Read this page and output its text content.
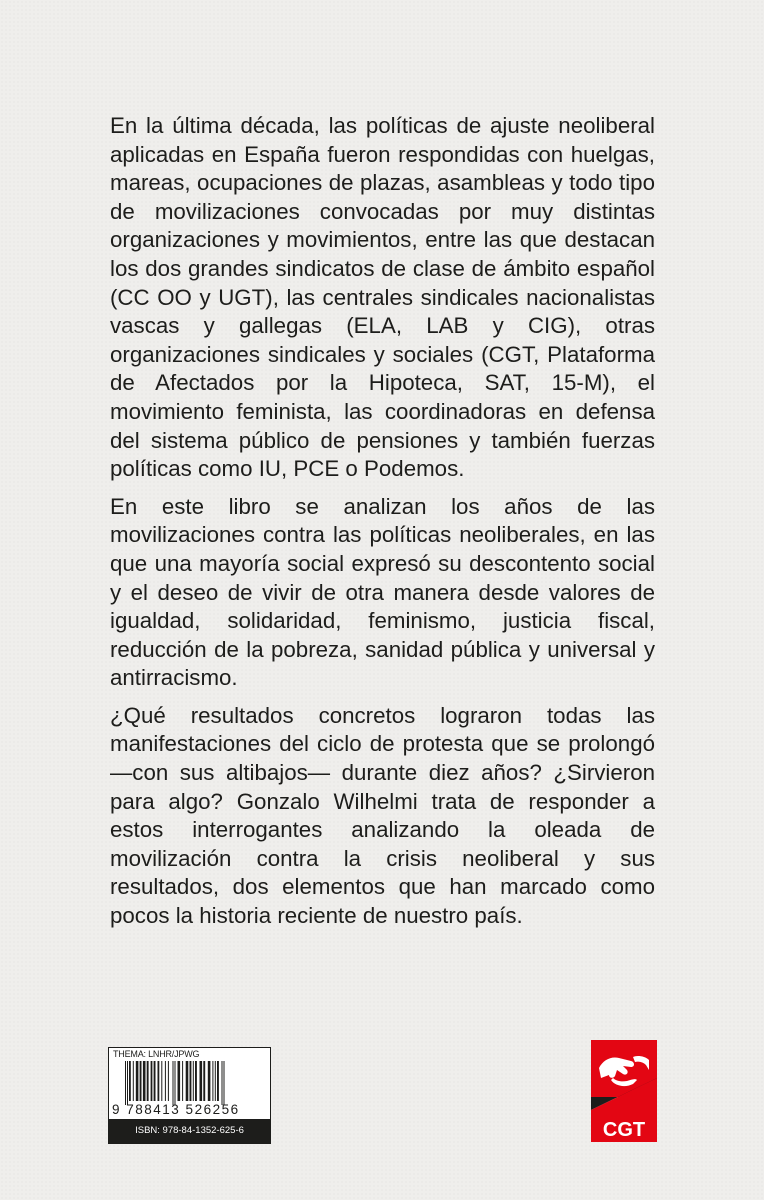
En la última década, las políticas de ajuste neoliberal aplicadas en España fueron respondidas con huelgas, mareas, ocupaciones de plazas, asambleas y todo tipo de movilizaciones convocadas por muy distintas organizaciones y movimientos, entre las que destacan los dos grandes sindicatos de clase de ámbito español (CC OO y UGT), las centrales sindicales nacionalistas vascas y gallegas (ELA, LAB y CIG), otras organizaciones sindicales y sociales (CGT, Plataforma de Afectados por la Hipoteca, SAT, 15-M), el movimiento feminista, las coordinadoras en defensa del sistema público de pensiones y también fuerzas políticas como IU, PCE o Podemos.

En este libro se analizan los años de las movilizaciones contra las políticas neoliberales, en las que una mayoría social expresó su descontento social y el deseo de vivir de otra manera desde valores de igualdad, solidaridad, feminismo, justicia fiscal, reducción de la pobreza, sanidad pública y universal y antirracismo.

¿Qué resultados concretos lograron todas las manifestaciones del ciclo de protesta que se prolongó —con sus altibajos— durante diez años? ¿Sirvieron para algo? Gonzalo Wilhelmi trata de responder a estos interrogantes analizando la oleada de movilización contra la crisis neoliberal y sus resultados, dos elementos que han marcado como pocos la historia reciente de nuestro país.

THEMA: LNHR/JPWG
9 788413 526256
ISBN: 978-84-1352-625-6	CGT
